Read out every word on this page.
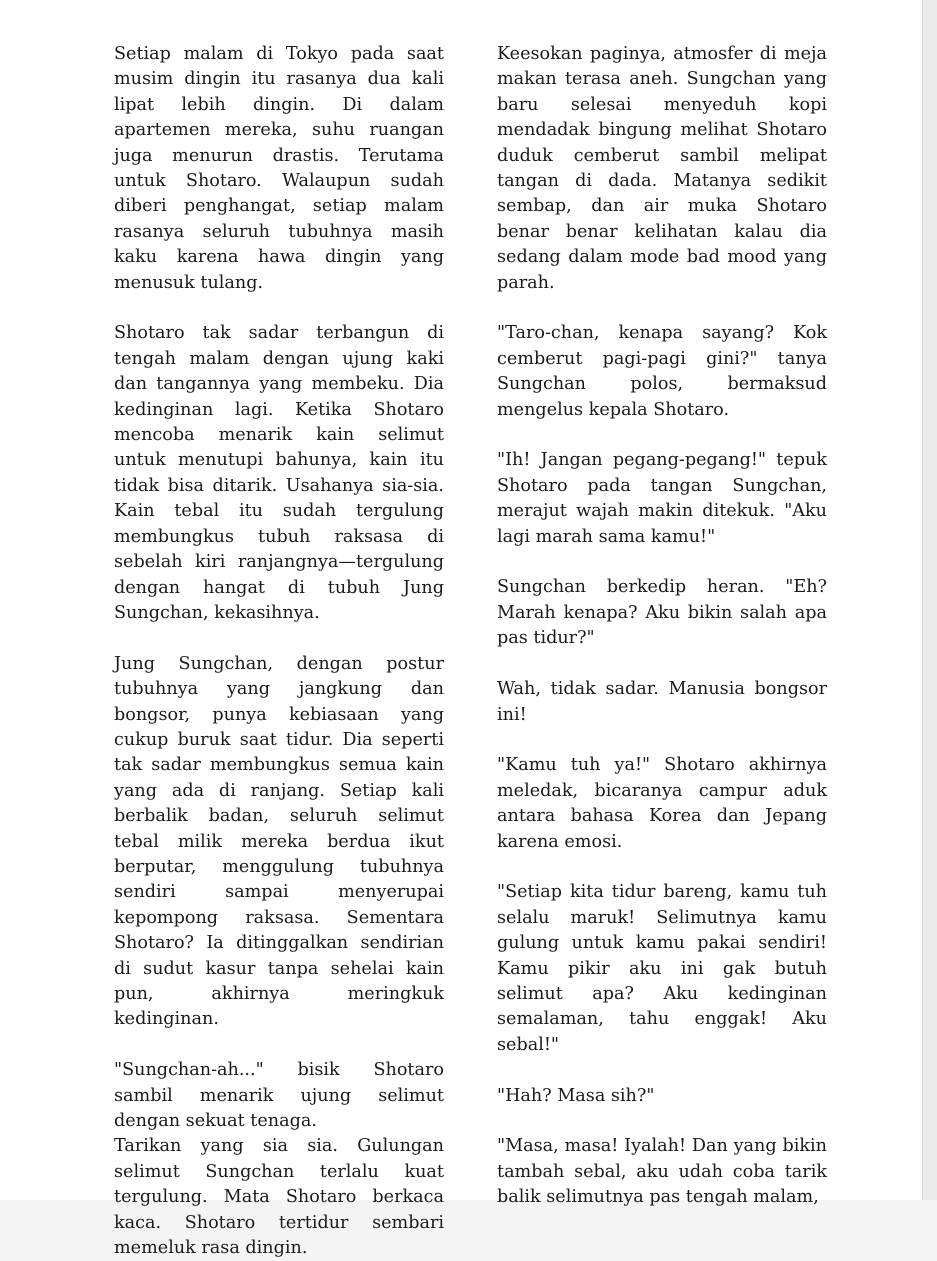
Setiap malam di Tokyo pada saat musim dingin itu rasanya dua kali lipat lebih dingin. Di dalam apartemen mereka, suhu ruangan juga menurun drastis. Terutama untuk Shotaro. Walaupun sudah diberi penghangat, setiap malam rasanya seluruh tubuhnya masih kaku karena hawa dingin yang menusuk tulang.

Shotaro tak sadar terbangun di tengah malam dengan ujung kaki dan tangannya yang membeku. Dia kedinginan lagi. Ketika Shotaro mencoba menarik kain selimut untuk menutupi bahunya, kain itu tidak bisa ditarik. Usahanya sia-sia. Kain tebal itu sudah tergulung membungkus tubuh raksasa di sebelah kiri ranjangnya—tergulung dengan hangat di tubuh Jung Sungchan, kekasihnya.

Jung Sungchan, dengan postur tubuhnya yang jangkung dan bongsor, punya kebiasaan yang cukup buruk saat tidur. Dia seperti tak sadar membungkus semua kain yang ada di ranjang. Setiap kali berbalik badan, seluruh selimut tebal milik mereka berdua ikut berputar, menggulung tubuhnya sendiri sampai menyerupai kepompong raksasa. Sementara Shotaro? Ia ditinggalkan sendirian di sudut kasur tanpa sehelai kain pun, akhirnya meringkuk kedinginan.

"Sungchan-ah..." bisik Shotaro sambil menarik ujung selimut dengan sekuat tenaga.

Tarikan yang sia sia. Gulungan selimut Sungchan terlalu kuat tergulung. Mata Shotaro berkaca kaca. Shotaro tertidur sembari memeluk rasa dingin.

Keesokan paginya, atmosfer di meja makan terasa aneh. Sungchan yang baru selesai menyeduh kopi mendadak bingung melihat Shotaro duduk cemberut sambil melipat tangan di dada. Matanya sedikit sembap, dan air muka Shotaro benar benar kelihatan kalau dia sedang dalam mode bad mood yang parah.

"Taro-chan, kenapa sayang? Kok cemberut pagi-pagi gini?" tanya Sungchan polos, bermaksud mengelus kepala Shotaro.

"Ih! Jangan pegang-pegang!" tepuk Shotaro pada tangan Sungchan, merajut wajah makin ditekuk. "Aku lagi marah sama kamu!"

Sungchan berkedip heran. "Eh? Marah kenapa? Aku bikin salah apa pas tidur?"

Wah, tidak sadar. Manusia bongsor ini!

"Kamu tuh ya!" Shotaro akhirnya meledak, bicaranya campur aduk antara bahasa Korea dan Jepang karena emosi.

"Setiap kita tidur bareng, kamu tuh selalu maruk! Selimutnya kamu gulung untuk kamu pakai sendiri! Kamu pikir aku ini gak butuh selimut apa? Aku kedinginan semalaman, tahu enggak! Aku sebal!"

"Hah? Masa sih?"

"Masa, masa! Iyalah! Dan yang bikin tambah sebal, aku udah coba tarik balik selimutnya pas tengah malam,
